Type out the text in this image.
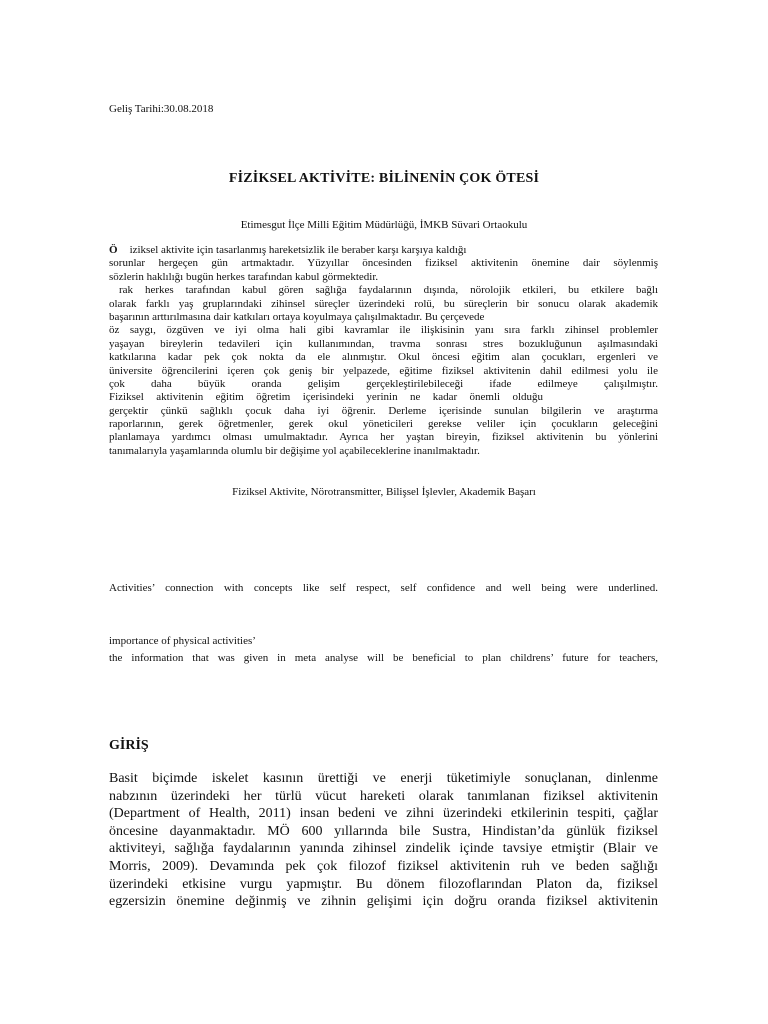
Geliş Tarihi:30.08.2018
FİZİKSEL AKTİVİTE: BİLİNENİN ÇOK ÖTESİ
Etimesgut İlçe Milli Eğitim Müdürlüğü, İMKB Süvari Ortaokulu
Ö iziksel aktivite için tasarlanmış hareketsizlik ile beraber karşı karşıya kaldığı
sorunlar hergeçen gün artmaktadır. Yüzyıllar öncesinden fiziksel aktivitenin önemine dair söylenmiş
sözlerin haklılığı bugün herkes tarafından kabul görmektedir.
rak herkes tarafından kabul gören sağlığa faydalarının dışında, nörolojik etkileri, bu etkilere bağlı
olarak farklı yaş gruplarındaki zihinsel süreçler üzerindeki rolü, bu süreçlerin bir sonucu olarak akademik
başarının arttırılmasına dair katkıları ortaya koyulmaya çalışılmaktadır. Bu çerçevede
öz saygı, özgüven ve iyi olma hali gibi kavramlar ile ilişkisinin yanı sıra farklı zihinsel problemler
yaşayan bireylerin tedavileri için kullanımından, travma sonrası stres bozukluğunun aşılmasındaki
katkılarına kadar pek çok nokta da ele alınmıştır. Okul öncesi eğitim alan çocukları, ergenleri ve
üniversite öğrencilerini içeren çok geniş bir yelpazede, eğitime fiziksel aktivitenin dahil edilmesi yolu ile
çok daha büyük oranda gelişim gerçekleştirilebileceği ifade edilmeye çalışılmıştır.
Fiziksel aktivitenin eğitim öğretim içerisindeki yerinin ne kadar önemli olduğu
gerçektir çünkü sağlıklı çocuk daha iyi öğrenir. Derleme içerisinde sunulan bilgilerin ve araştırma
raporlarının, gerek öğretmenler, gerek okul yöneticileri gerekse veliler için çocukların geleceğini
planlamaya yardımcı olması umulmaktadır. Ayrıca her yaştan bireyin, fiziksel aktivitenin bu yönlerini
tanımalarıyla yaşamlarında olumlu bir değişime yol açabileceklerine inanılmaktadır.
Fiziksel Aktivite, Nörotransmitter, Bilişsel İşlevler, Akademik Başarı
Activities’ connection with concepts like self respect, self confidence and well being were underlined.
importance of physical activities’
the information that was given in meta analyse will be beneficial to plan childrens’ future for teachers,
GİRİŞ
Basit biçimde iskelet kasının ürettiği ve enerji tüketimiyle sonuçlanan, dinlenme
nabzının üzerindeki her türlü vücut hareketi olarak tanımlanan fiziksel aktivitenin
(Department of Health, 2011) insan bedeni ve zihni üzerindeki etkilerinin tespiti, çağlar
öncesine dayanmaktadır. MÖ 600 yıllarında bile Sustra, Hindistan’da günlük fiziksel
aktiviteyi, sağlığa faydalarının yanında zihinsel zindelik içinde tavsiye etmiştir (Blair ve
Morris, 2009). Devamında pek çok filozof fiziksel aktivitenin ruh ve beden sağlığı
üzerindeki etkisine vurgu yapmıştır. Bu dönem filozoflarından Platon da, fiziksel
egzersizin önemine değinmiş ve zihnin gelişimi için doğru oranda fiziksel aktivitenin
